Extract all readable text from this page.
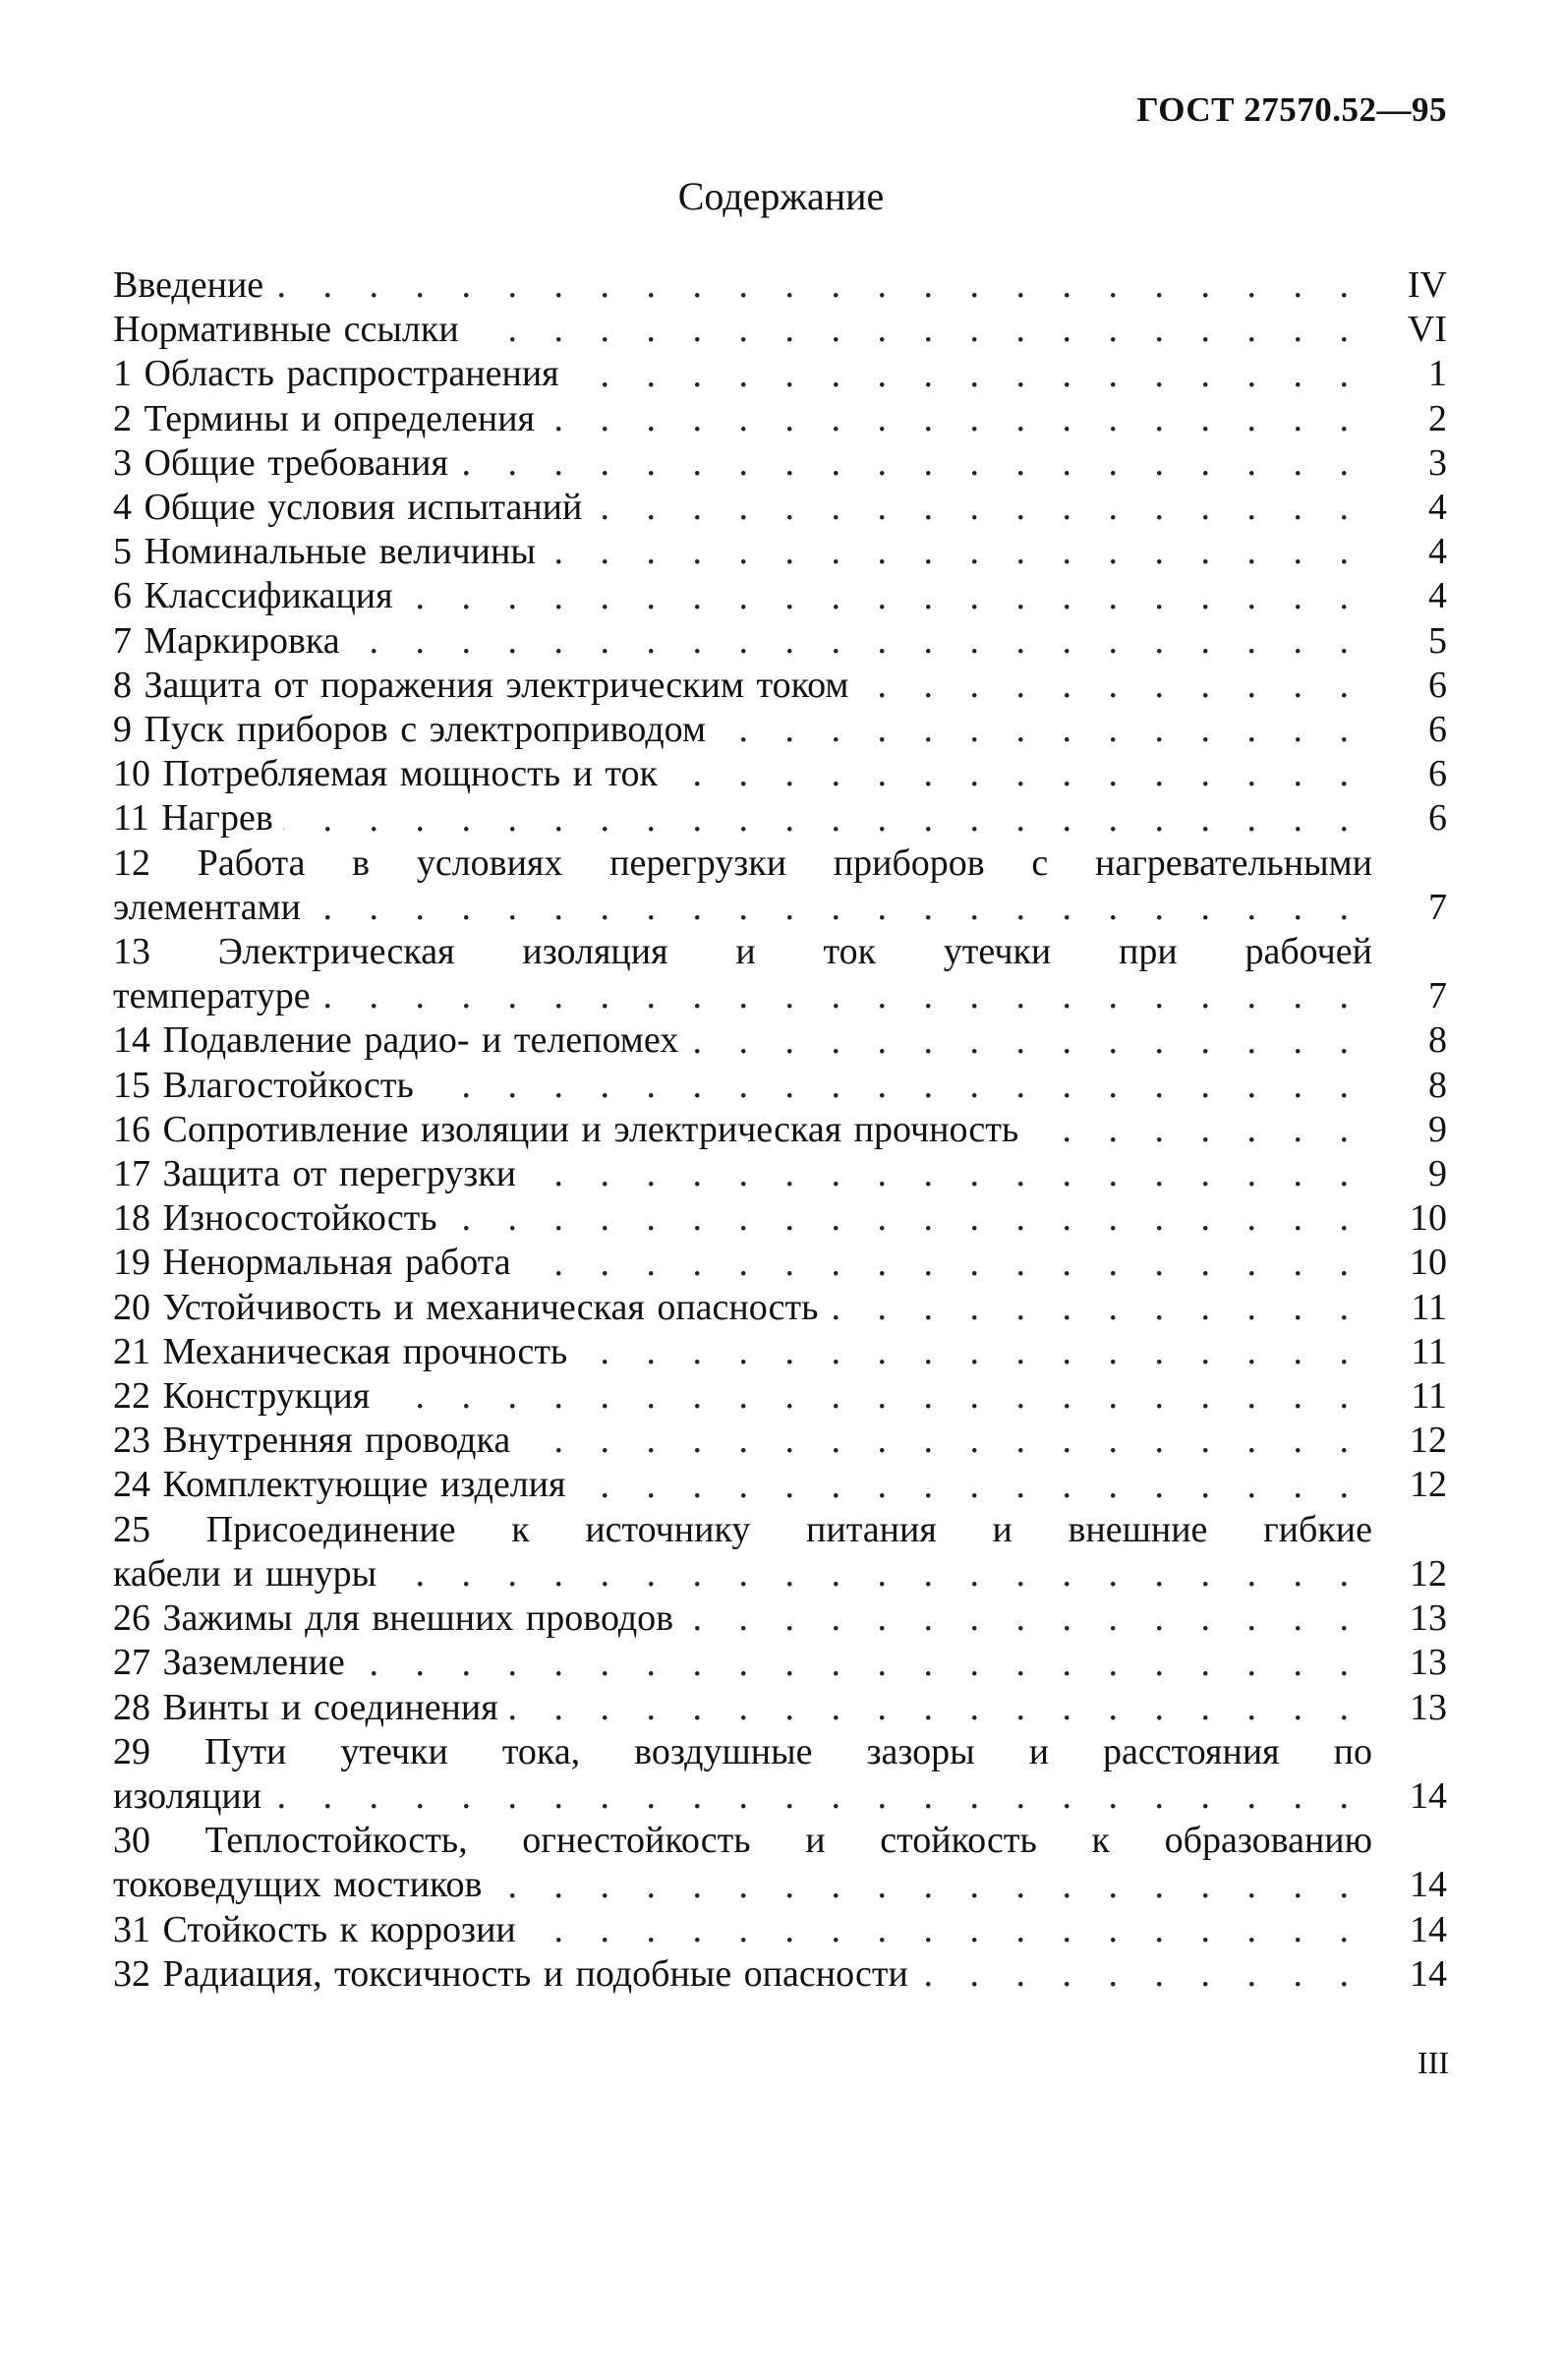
ГОСТ 27570.52—95
Содержание
Введение . . .	IV
Нормативные ссылки . . .	VI
1 Область распространения . . .	1
2 Термины и определения . . .	2
3 Общие требования . . .	3
4 Общие условия испытаний . . .	4
5 Номинальные величины . . .	4
6 Классификация . . .	4
7 Маркировка . . .	5
8 Защита от поражения электрическим током . . .	6
9 Пуск приборов с электроприводом . . .	6
10 Потребляемая мощность и ток . . .	6
11 Нагрев . . .	6
12 Работа в условиях перегрузки приборов с нагревательными
элементами . . .	7
13 Электрическая изоляция и ток утечки при рабочей
температуре . . .	7
14 Подавление радио- и телепомех . . .	8
15 Влагостойкость . . .	8
16 Сопротивление изоляции и электрическая прочность . . .	9
17 Защита от перегрузки . . .	9
18 Износостойкость . . .	10
19 Ненормальная работа . . .	10
20 Устойчивость и механическая опасность . . .	11
21 Механическая прочность . . .	11
22 Конструкция . . .	11
23 Внутренняя проводка . . .	12
24 Комплектующие изделия . . .	12
25 Присоединение к источнику питания и внешние гибкие
кабели и шнуры . . .	12
26 Зажимы для внешних проводов . . .	13
27 Заземление . . .	13
28 Винты и соединения . . .	13
29 Пути утечки тока, воздушные зазоры и расстояния по
изоляции . . .	14
30 Теплостойкость, огнестойкость и стойкость к образованию
токоведущих мостиков . . .	14
31 Стойкость к коррозии . . .	14
32 Радиация, токсичность и подобные опасности . . .	14
III
